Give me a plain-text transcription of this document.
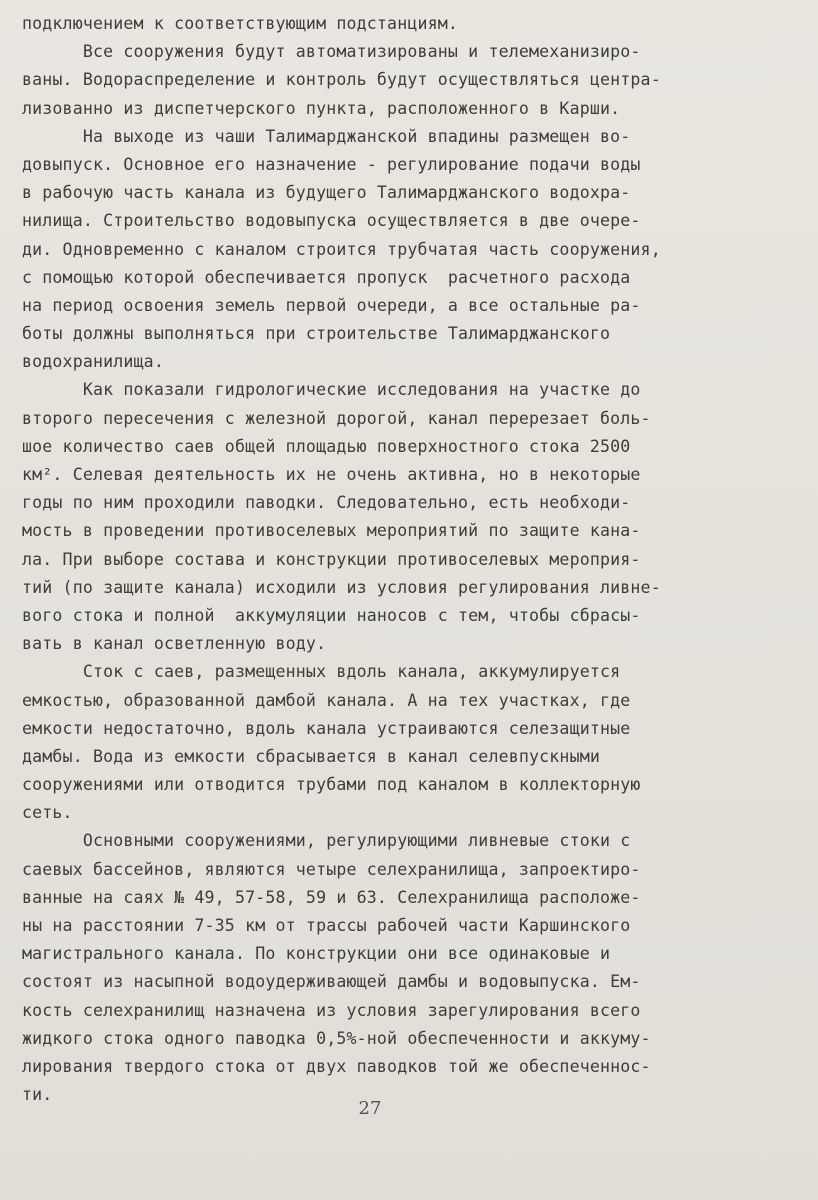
подключением к соответствующим подстанциям.
Все сооружения будут автоматизированы и телемеханизиро-
ваны. Водораспределение и контроль будут осуществляться центра-
лизованно из диспетчерского пункта, расположенного в Карши.
На выходе из чаши Талимарджанской впадины размещен во-
довыпуск. Основное его назначение - регулирование подачи воды
в рабочую часть канала из будущего Талимарджанского водохра-
нилища. Строительство водовыпуска осуществляется в две очере-
ди. Одновременно с каналом строится трубчатая часть сооружения,
с помощью которой обеспечивается пропуск  расчетного расхода
на период освоения земель первой очереди, а все остальные ра-
боты должны выполняться при строительстве Талимарджанского
водохранилища.
Как показали гидрологические исследования на участке до
второго пересечения с железной дорогой, канал перерезает боль-
шое количество саев общей площадью поверхностного стока 2500
км². Селевая деятельность их не очень активна, но в некоторые
годы по ним проходили паводки. Следовательно, есть необходи-
мость в проведении противоселевых мероприятий по защите кана-
ла. При выборе состава и конструкции противоселевых мероприя-
тий (по защите канала) исходили из условия регулирования ливне-
вого стока и полной  аккумуляции наносов с тем, чтобы сбрасы-
вать в канал осветленную воду.
Сток с саев, размещенных вдоль канала, аккумулируется
емкостью, образованной дамбой канала. А на тех участках, где
емкости недостаточно, вдоль канала устраиваются селезащитные
дамбы. Вода из емкости сбрасывается в канал селевпускными
сооружениями или отводится трубами под каналом в коллекторную
сеть.
Основными сооружениями, регулирующими ливневые стоки с
саевых бассейнов, являются четыре селехранилища, запроектиро-
ванные на саях № 49, 57-58, 59 и 63. Селехранилища расположе-
ны на расстоянии 7-35 км от трассы рабочей части Каршинского
магистрального канала. По конструкции они все одинаковые и
состоят из насыпной водоудерживающей дамбы и водовыпуска. Ем-
кость селехранилищ назначена из условия зарегулирования всего
жидкого стока одного паводка 0,5%-ной обеспеченности и аккуму-
лирования твердого стока от двух паводков той же обеспеченнос-
ти.
27
